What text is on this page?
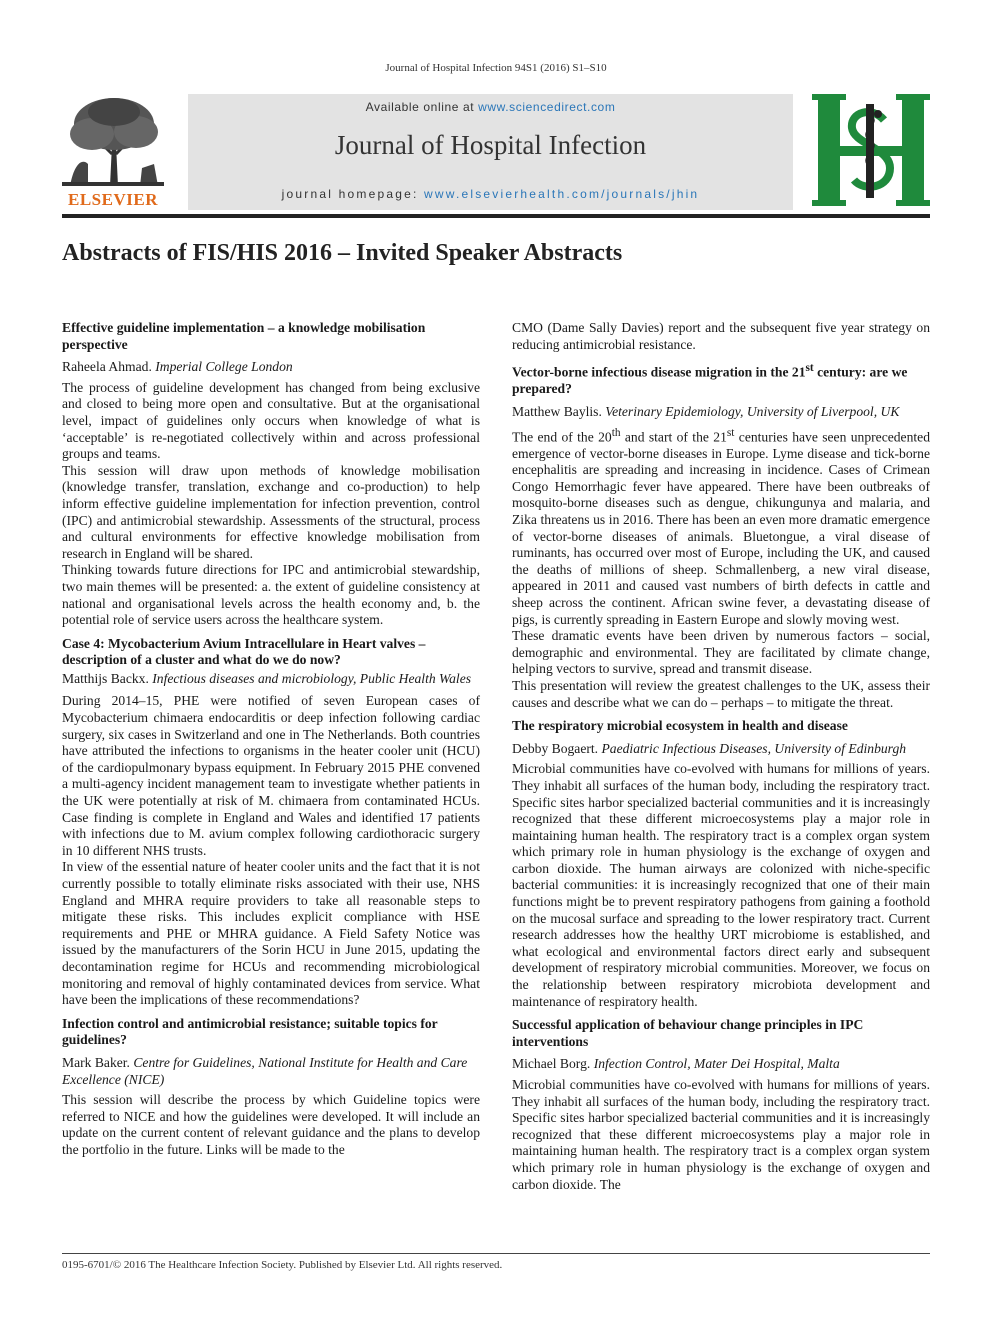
Journal of Hospital Infection 94S1 (2016) S1–S10
ELSEVIER
Available online at www.sciencedirect.com
Journal of Hospital Infection
journal homepage: www.elsevierhealth.com/journals/jhin
Abstracts of FIS/HIS 2016 – Invited Speaker Abstracts

Effective guideline implementation – a knowledge mobilisation perspective

Raheela Ahmad. Imperial College London

The process of guideline development has changed from being exclusive and closed to being more open and consultative. But at the organisational level, impact of guidelines only occurs when knowledge of what is ‘acceptable’ is re-negotiated collectively within and across professional groups and teams.

This session will draw upon methods of knowledge mobilisation (knowledge transfer, translation, exchange and co-production) to help inform effective guideline implementation for infection prevention, control (IPC) and antimicrobial stewardship. Assessments of the structural, process and cultural environments for effective knowledge mobilisation from research in England will be shared.

Thinking towards future directions for IPC and antimicrobial stewardship, two main themes will be presented: a. the extent of guideline consistency at national and organisational levels across the health economy and, b. the potential role of service users across the healthcare system.

Case 4: Mycobacterium Avium Intracellulare in Heart valves – description of a cluster and what do we do now?

Matthijs Backx. Infectious diseases and microbiology, Public Health Wales

During 2014–15, PHE were notified of seven European cases of Mycobacterium chimaera endocarditis or deep infection following cardiac surgery, six cases in Switzerland and one in The Netherlands. Both countries have attributed the infections to organisms in the heater cooler unit (HCU) of the cardiopulmonary bypass equipment. In February 2015 PHE convened a multi-agency incident management team to investigate whether patients in the UK were potentially at risk of M. chimaera from contaminated HCUs. Case finding is complete in England and Wales and identified 17 patients with infections due to M. avium complex following cardiothoracic surgery in 10 different NHS trusts.

In view of the essential nature of heater cooler units and the fact that it is not currently possible to totally eliminate risks associated with their use, NHS England and MHRA require providers to take all reasonable steps to mitigate these risks. This includes explicit compliance with HSE requirements and PHE or MHRA guidance. A Field Safety Notice was issued by the manufacturers of the Sorin HCU in June 2015, updating the decontamination regime for HCUs and recommending microbiological monitoring and removal of highly contaminated devices from service. What have been the implications of these recommendations?

Infection control and antimicrobial resistance; suitable topics for guidelines?

Mark Baker. Centre for Guidelines, National Institute for Health and Care Excellence (NICE)

This session will describe the process by which Guideline topics were referred to NICE and how the guidelines were developed. It will include an update on the current content of relevant guidance and the plans to develop the portfolio in the future. Links will be made to the

CMO (Dame Sally Davies) report and the subsequent five year strategy on reducing antimicrobial resistance.

Vector-borne infectious disease migration in the 21st century: are we prepared?

Matthew Baylis. Veterinary Epidemiology, University of Liverpool, UK

The end of the 20th and start of the 21st centuries have seen unprecedented emergence of vector-borne diseases in Europe. Lyme disease and tick-borne encephalitis are spreading and increasing in incidence. Cases of Crimean Congo Hemorrhagic fever have appeared. There have been outbreaks of mosquito-borne diseases such as dengue, chikungunya and malaria, and Zika threatens us in 2016. There has been an even more dramatic emergence of vector-borne diseases of animals. Bluetongue, a viral disease of ruminants, has occurred over most of Europe, including the UK, and caused the deaths of millions of sheep. Schmallenberg, a new viral disease, appeared in 2011 and caused vast numbers of birth defects in cattle and sheep across the continent. African swine fever, a devastating disease of pigs, is currently spreading in Eastern Europe and slowly moving west.

These dramatic events have been driven by numerous factors – social, demographic and environmental. They are facilitated by climate change, helping vectors to survive, spread and transmit disease.

This presentation will review the greatest challenges to the UK, assess their causes and describe what we can do – perhaps – to mitigate the threat.

The respiratory microbial ecosystem in health and disease

Debby Bogaert. Paediatric Infectious Diseases, University of Edinburgh

Microbial communities have co-evolved with humans for millions of years. They inhabit all surfaces of the human body, including the respiratory tract. Specific sites harbor specialized bacterial communities and it is increasingly recognized that these different microecosystems play a major role in maintaining human health. The respiratory tract is a complex organ system which primary role in human physiology is the exchange of oxygen and carbon dioxide. The human airways are colonized with niche-specific bacterial communities: it is increasingly recognized that one of their main functions might be to prevent respiratory pathogens from gaining a foothold on the mucosal surface and spreading to the lower respiratory tract. Current research addresses how the healthy URT microbiome is established, and what ecological and environmental factors direct early and subsequent development of respiratory microbial communities. Moreover, we focus on the relationship between respiratory microbiota development and maintenance of respiratory health.

Successful application of behaviour change principles in IPC interventions

Michael Borg. Infection Control, Mater Dei Hospital, Malta

Microbial communities have co-evolved with humans for millions of years. They inhabit all surfaces of the human body, including the respiratory tract. Specific sites harbor specialized bacterial communities and it is increasingly recognized that these different microecosystems play a major role in maintaining human health. The respiratory tract is a complex organ system which primary role in human physiology is the exchange of oxygen and carbon dioxide. The

0195-6701/© 2016 The Healthcare Infection Society. Published by Elsevier Ltd. All rights reserved.
